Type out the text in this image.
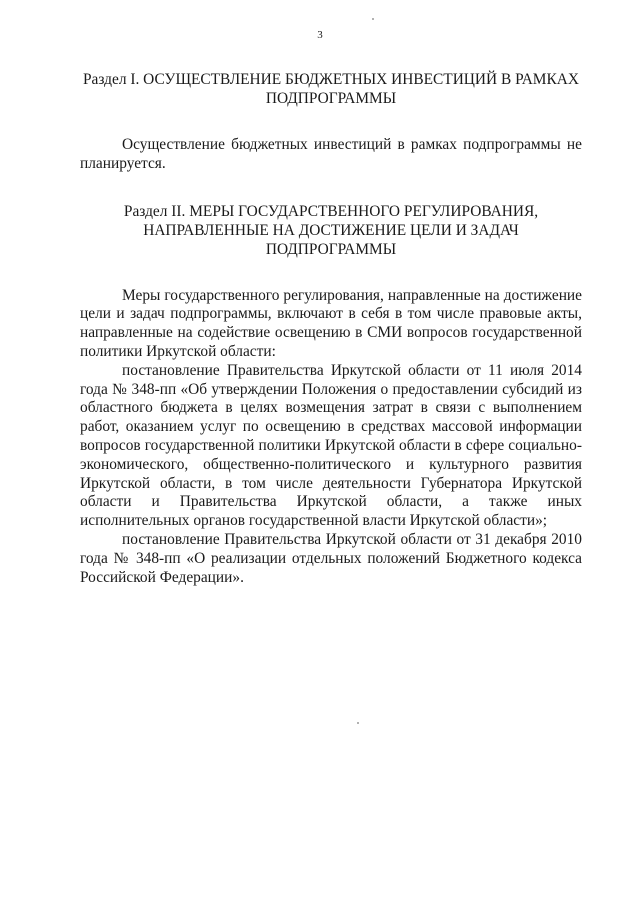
3
Раздел I. ОСУЩЕСТВЛЕНИЕ БЮДЖЕТНЫХ ИНВЕСТИЦИЙ В РАМКАХ ПОДПРОГРАММЫ

Осуществление бюджетных инвестиций в рамках подпрограммы не планируется.

Раздел II. МЕРЫ ГОСУДАРСТВЕННОГО РЕГУЛИРОВАНИЯ, НАПРАВЛЕННЫЕ НА ДОСТИЖЕНИЕ ЦЕЛИ И ЗАДАЧ ПОДПРОГРАММЫ

Меры государственного регулирования, направленные на достижение цели и задач подпрограммы, включают в себя в том числе правовые акты, направленные на содействие освещению в СМИ вопросов государственной политики Иркутской области:

постановление Правительства Иркутской области от 11 июля 2014 года № 348-пп «Об утверждении Положения о предоставлении субсидий из областного бюджета в целях возмещения затрат в связи с выполнением работ, оказанием услуг по освещению в средствах массовой информации вопросов государственной политики Иркутской области в сфере социально-экономического, общественно-политического и культурного развития Иркутской области, в том числе деятельности Губернатора Иркутской области и Правительства Иркутской области, а также иных исполнительных органов государственной власти Иркутской области»;

постановление Правительства Иркутской области от 31 декабря 2010 года № 348-пп «О реализации отдельных положений Бюджетного кодекса Российской Федерации».
